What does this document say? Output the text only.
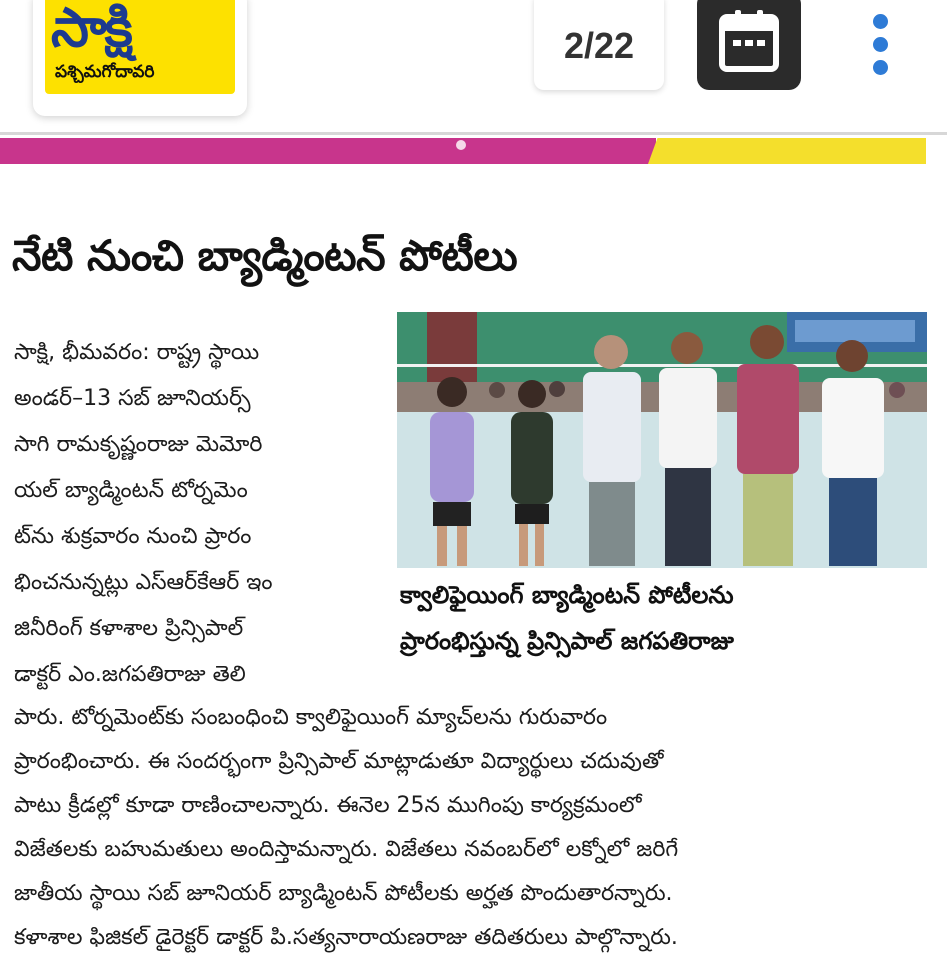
సాక్షి
పశ్చిమగోదావరి
2/22
నేటి నుంచి బ్యాడ్మింటన్‌ పోటీలు
సాక్షి, భీమవరం: రాష్ట్ర స్థాయి
అండర్‌–13 సబ్‌ జూనియర్స్‌
సాగి రామకృష్ణంరాజు మెమోరి
యల్‌ బ్యాడ్మింటన్‌ టోర్నమెం
ట్‌ను శుక్రవారం నుంచి ప్రారం
భించనున్నట్లు ఎస్‌ఆర్‌కేఆర్‌ ఇం
జినీరింగ్‌ కళాశాల ప్రిన్సిపాల్‌
డాక్టర్‌ ఎం.జగపతిరాజు తెలి
క్వాలిఫైయింగ్‌ బ్యాడ్మింటన్‌ పోటీలను
ప్రారంభిస్తున్న ప్రిన్సిపాల్‌ జగపతిరాజు
పారు. టోర్నమెంట్‌కు సంబంధించి క్వాలిఫైయింగ్‌ మ్యాచ్‌లను గురువారం
ప్రారంభించారు. ఈ సందర్భంగా ప్రిన్సిపాల్‌ మాట్లాడుతూ విద్యార్థులు చదువుతో
పాటు క్రీడల్లో కూడా రాణించాలన్నారు. ఈనెల 25న ముగింపు కార్యక్రమంలో
విజేతలకు బహుమతులు అందిస్తామన్నారు. విజేతలు నవంబర్‌లో లక్నోలో జరిగే
జాతీయ స్థాయి సబ్‌ జూనియర్‌ బ్యాడ్మింటన్‌ పోటీలకు అర్హత పొందుతారన్నారు.
కళాశాల ఫిజికల్‌ డైరెక్టర్‌ డాక్టర్‌ పి.సత్యనారాయణరాజు తదితరులు పాల్గొన్నారు.
